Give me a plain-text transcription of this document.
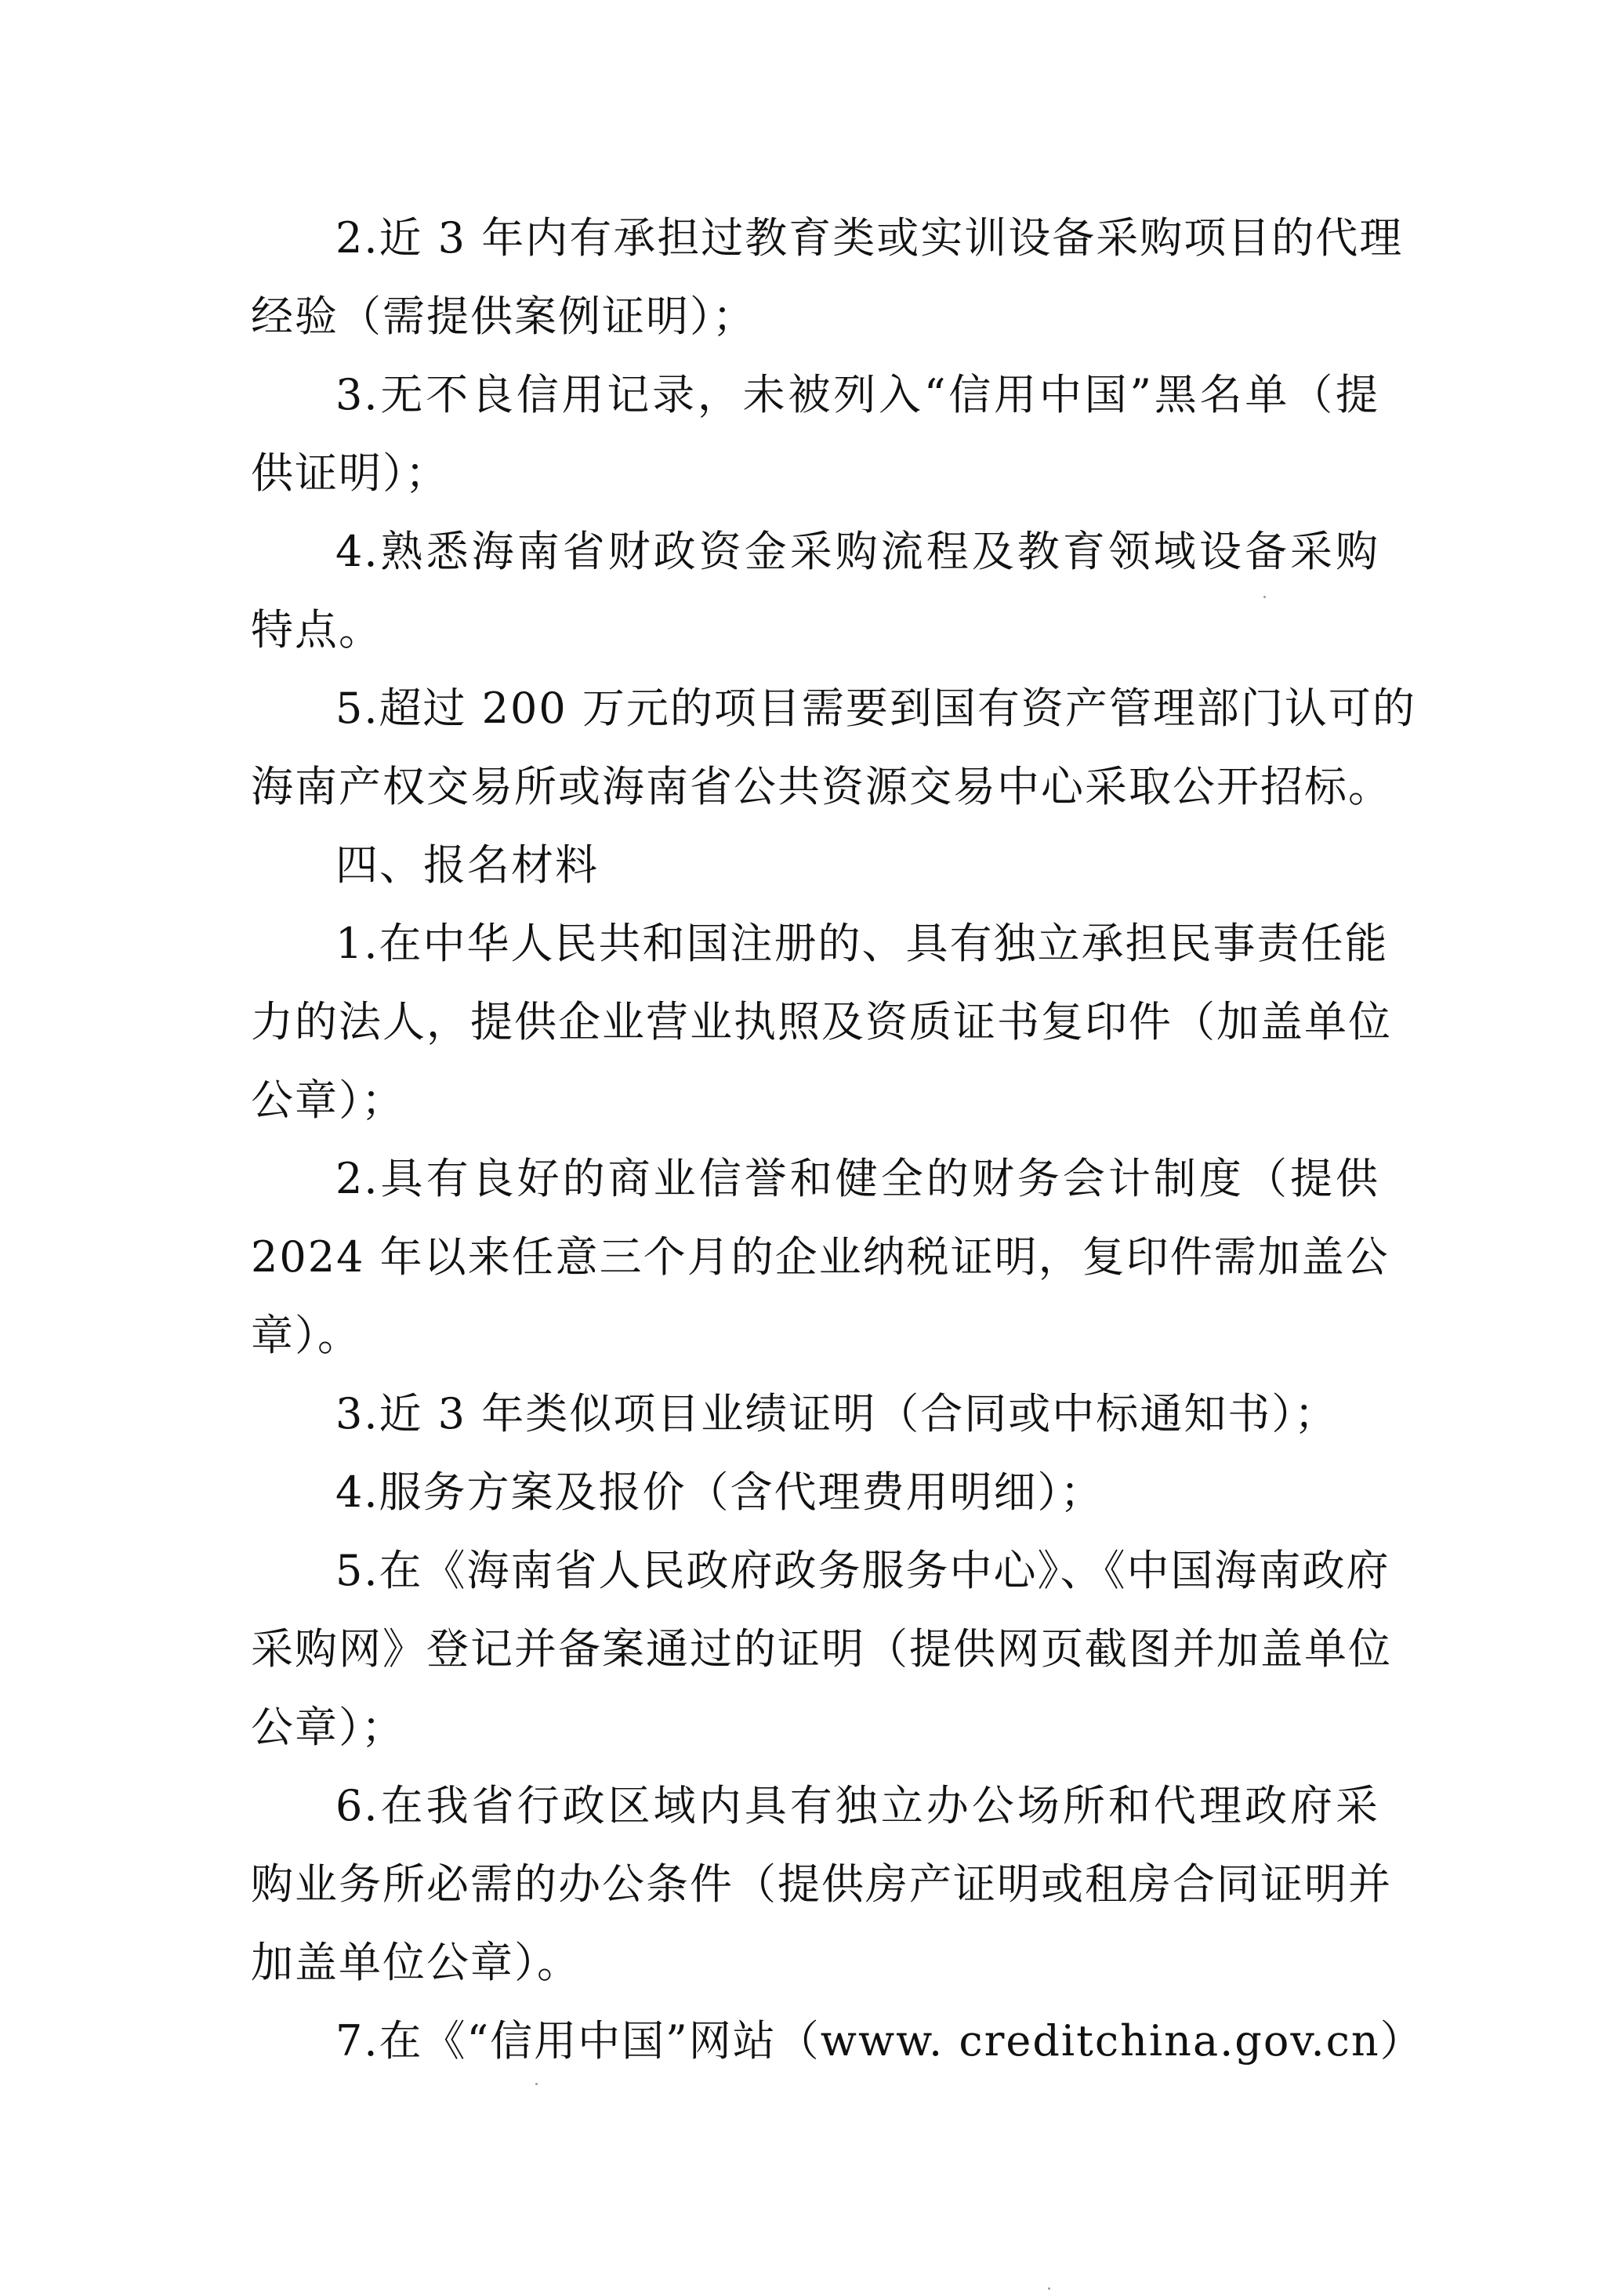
2.近 3 年内有承担过教育类或实训设备采购项目的代理
经验（需提供案例证明）；
3.无不良信用记录，未被列入“信用中国”黑名单（提
供证明）；
4.熟悉海南省财政资金采购流程及教育领域设备采购
特点。
5.超过 200 万元的项目需要到国有资产管理部门认可的
海南产权交易所或海南省公共资源交易中心采取公开招标。
四、报名材料
1.在中华人民共和国注册的、具有独立承担民事责任能
力的法人，提供企业营业执照及资质证书复印件（加盖单位
公章）；
2.具有良好的商业信誉和健全的财务会计制度（提供
2024 年以来任意三个月的企业纳税证明，复印件需加盖公
章）。
3.近 3 年类似项目业绩证明（合同或中标通知书）；
4.服务方案及报价（含代理费用明细）；
5.在《海南省人民政府政务服务中心》、《中国海南政府
采购网》登记并备案通过的证明（提供网页截图并加盖单位
公章）；
6.在我省行政区域内具有独立办公场所和代理政府采
购业务所必需的办公条件（提供房产证明或租房合同证明并
加盖单位公章）。
7.在《“信用中国”网站（www. creditchina.gov.cn）
